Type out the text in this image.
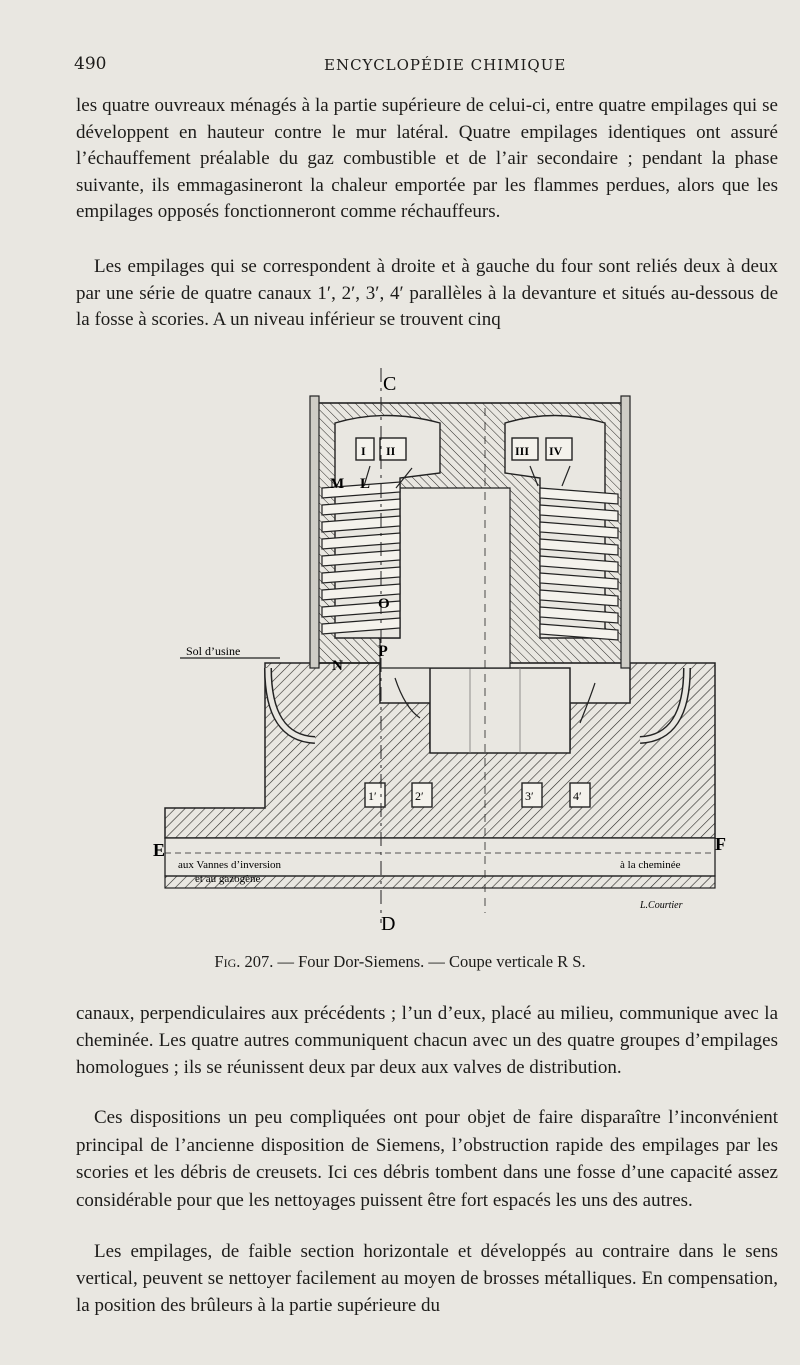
490	ENCYCLOPÉDIE CHIMIQUE

les quatre ouvreaux ménagés à la partie supérieure de celui-ci, entre quatre empilages qui se développent en hauteur contre le mur latéral. Quatre empilages identiques ont assuré l’échauffement préalable du gaz combustible et de l’air secondaire ; pendant la phase suivante, ils emmagasineront la chaleur emportée par les flammes perdues, alors que les empilages opposés fonctionneront comme réchauffeurs.

Les empilages qui se correspondent à droite et à gauche du four sont reliés deux à deux par une série de quatre canaux 1′, 2′, 3′, 4′ parallèles à la devanture et situés au-dessous de la fosse à scories. A un niveau inférieur se trouvent cinq

C
D
E	F
M L
N
P
O
I II	III IV
1′	2′	3′	4′
Sol d’usine
aux Vannes d’inversion
et au gazogène
à la cheminée
L.Courtier
Fig. 207. — Four Dor-Siemens. — Coupe verticale R S.

canaux, perpendiculaires aux précédents ; l’un d’eux, placé au milieu, communique avec la cheminée. Les quatre autres communiquent chacun avec un des quatre groupes d’empilages homologues ; ils se réunissent deux par deux aux valves de distribution.

Ces dispositions un peu compliquées ont pour objet de faire disparaître l’inconvénient principal de l’ancienne disposition de Siemens, l’obstruction rapide des empilages par les scories et les débris de creusets. Ici ces débris tombent dans une fosse d’une capacité assez considérable pour que les nettoyages puissent être fort espacés les uns des autres.

Les empilages, de faible section horizontale et développés au contraire dans le sens vertical, peuvent se nettoyer facilement au moyen de brosses métalliques. En compensation, la position des brûleurs à la partie supérieure du
